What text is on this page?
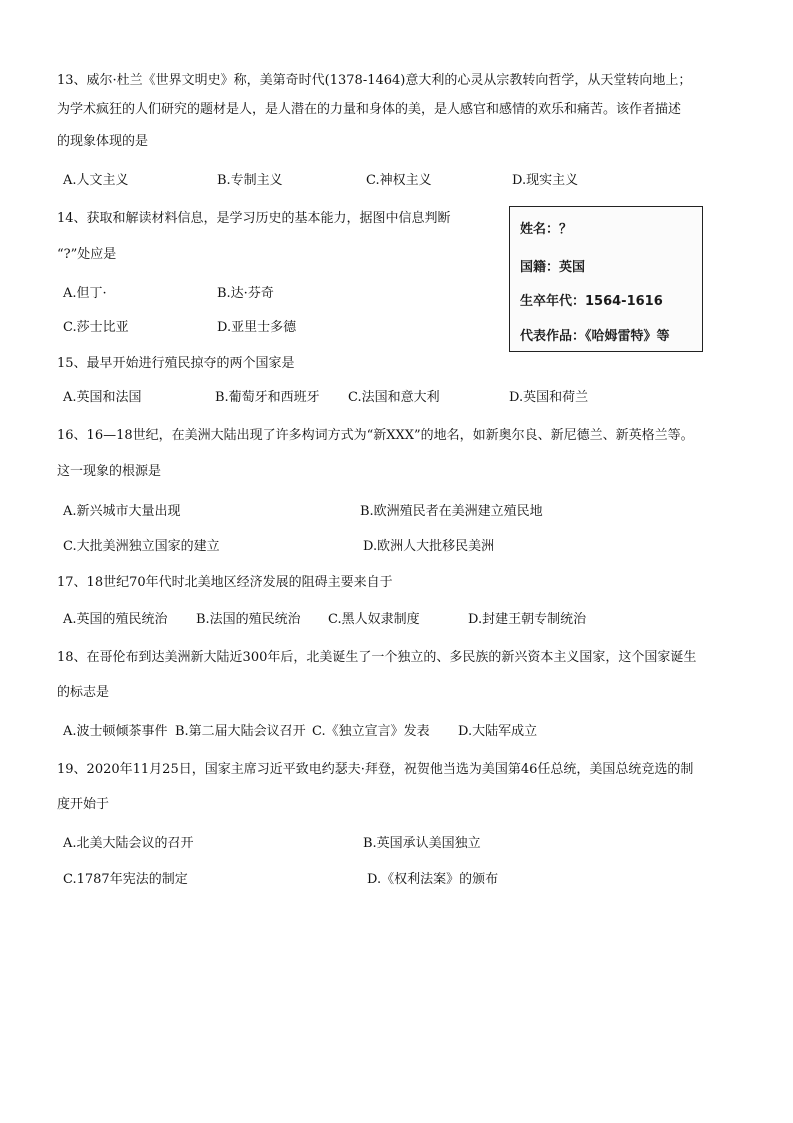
13、威尔·杜兰《世界文明史》称，美第奇时代(1378-1464)意大利的心灵从宗教转向哲学，从天堂转向地上；
为学术疯狂的人们研究的题材是人，是人潜在的力量和身体的美，是人感官和感情的欢乐和痛苦。该作者描述
的现象体现的是
A.人文主义	B.专制主义	C.神权主义	D.现实主义
14、获取和解读材料信息，是学习历史的基本能力，据图中信息判断
“?”处应是
A.但丁·	B.达·芬奇
C.莎士比亚	D.亚里士多德
姓名：？
国籍：英国
生卒年代：1564-1616
代表作品：《哈姆雷特》等
15、最早开始进行殖民掠夺的两个国家是
A.英国和法国	B.葡萄牙和西班牙 C.法国和意大利	D.英国和荷兰
16、16—18世纪，在美洲大陆出现了许多构词方式为“新XXX”的地名，如新奥尔良、新尼德兰、新英格兰等。
这一现象的根源是
A.新兴城市大量出现	B.欧洲殖民者在美洲建立殖民地
C.大批美洲独立国家的建立	D.欧洲人大批移民美洲
17、18世纪70年代时北美地区经济发展的阻碍主要来自于
A.英国的殖民统治 B.法国的殖民统治 C.黑人奴隶制度	D.封建王朝专制统治
18、在哥伦布到达美洲新大陆近300年后，北美诞生了一个独立的、多民族的新兴资本主义国家，这个国家诞生
的标志是
A.波士顿倾茶事件 B.第二届大陆会议召开 C.《独立宣言》发表 D.大陆军成立
19、2020年11月25日，国家主席习近平致电约瑟夫·拜登，祝贺他当选为美国第46任总统，美国总统竞选的制
度开始于
A.北美大陆会议的召开	B.英国承认美国独立
C.1787年宪法的制定	D.《权利法案》的颁布
